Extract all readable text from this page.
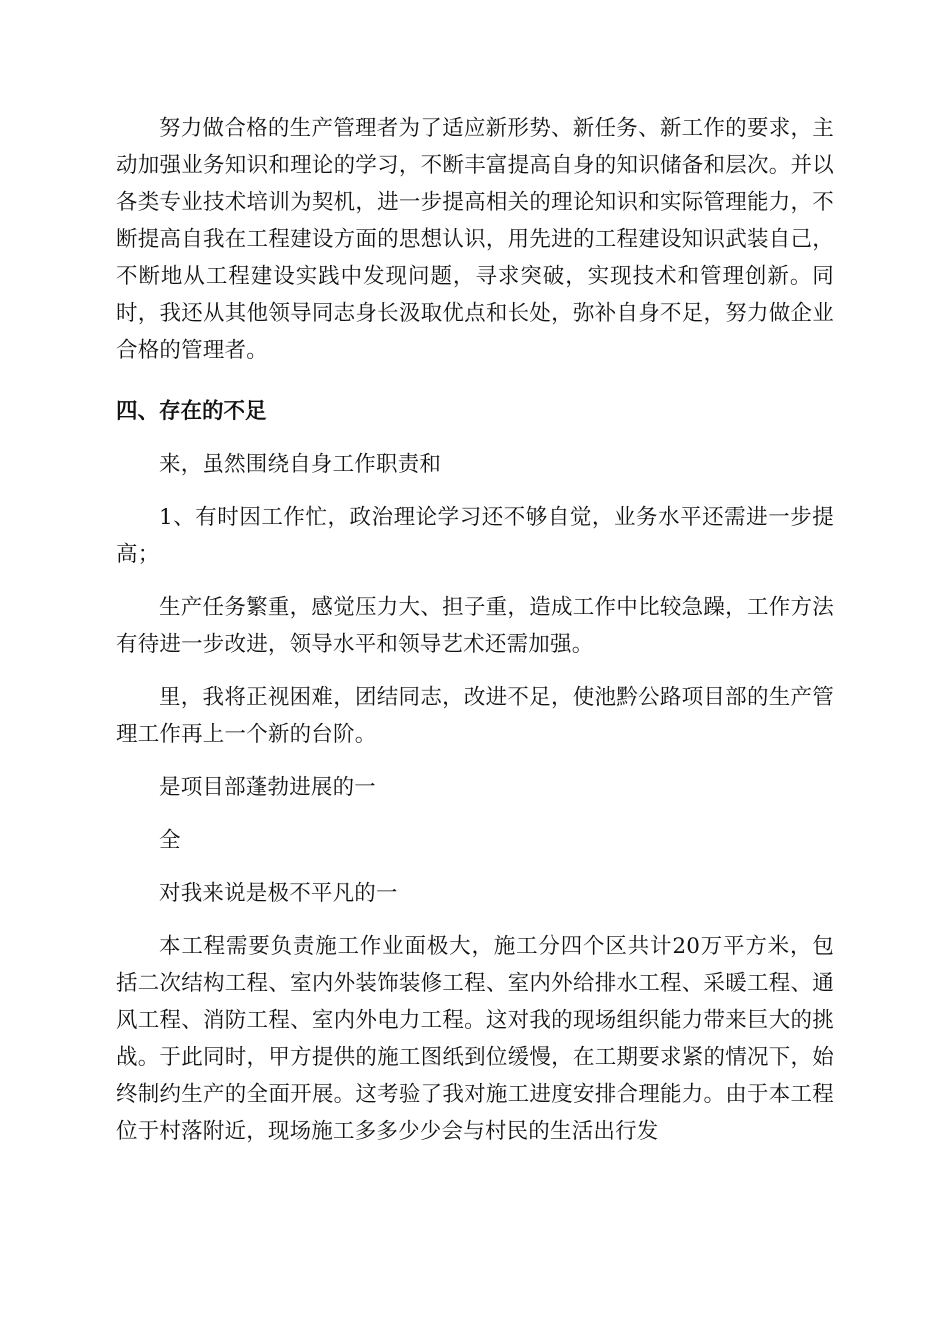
努力做合格的生产管理者为了适应新形势、新任务、新工作的要求，主动加强业务知识和理论的学习，不断丰富提高自身的知识储备和层次。并以各类专业技术培训为契机，进一步提高相关的理论知识和实际管理能力，不断提高自我在工程建设方面的思想认识，用先进的工程建设知识武装自己，不断地从工程建设实践中发现问题，寻求突破，实现技术和管理创新。同时，我还从其他领导同志身长汲取优点和长处，弥补自身不足，努力做企业合格的管理者。

四、存在的不足

来，虽然围绕自身工作职责和

1、有时因工作忙，政治理论学习还不够自觉，业务水平还需进一步提高；

生产任务繁重，感觉压力大、担子重，造成工作中比较急躁，工作方法有待进一步改进，领导水平和领导艺术还需加强。

里，我将正视困难，团结同志，改进不足，使池黔公路项目部的生产管理工作再上一个新的台阶。

是项目部蓬勃进展的一

全

对我来说是极不平凡的一

本工程需要负责施工作业面极大，施工分四个区共计20万平方米，包括二次结构工程、室内外装饰装修工程、室内外给排水工程、采暖工程、通风工程、消防工程、室内外电力工程。这对我的现场组织能力带来巨大的挑战。于此同时，甲方提供的施工图纸到位缓慢，在工期要求紧的情况下，始终制约生产的全面开展。这考验了我对施工进度安排合理能力。由于本工程位于村落附近，现场施工多多少少会与村民的生活出行发
